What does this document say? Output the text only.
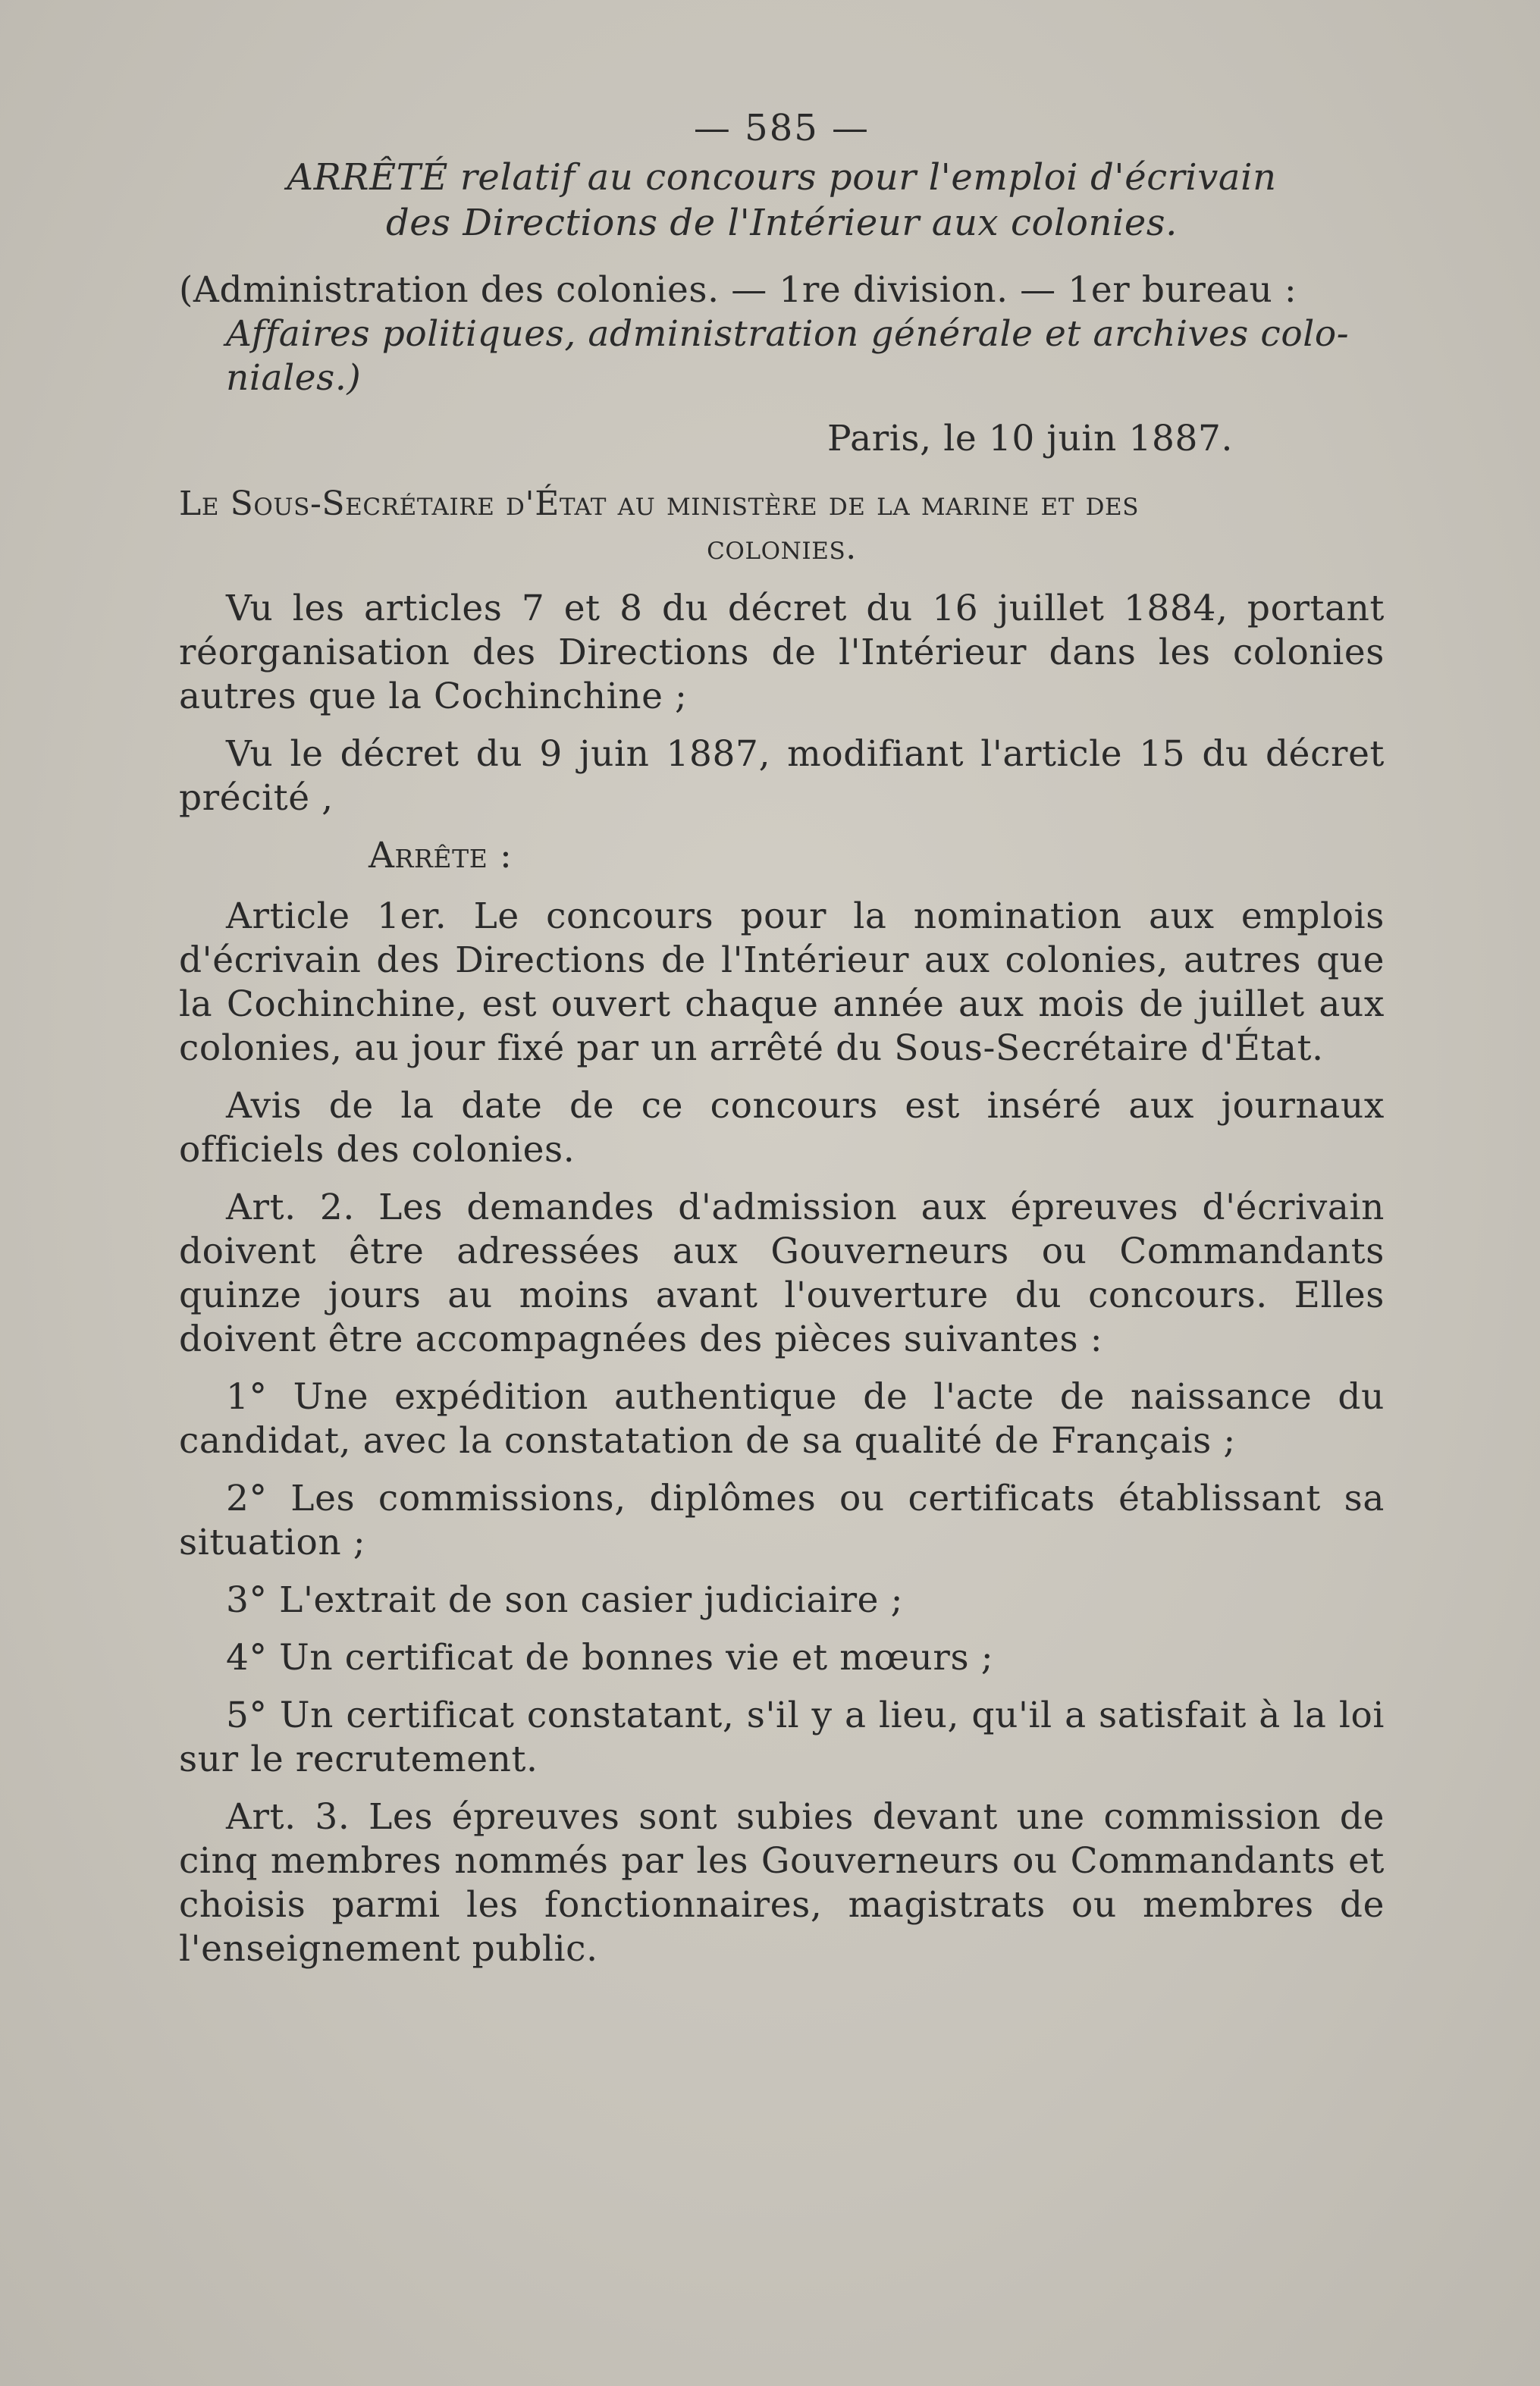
— 585 —
ARRÊTÉ relatif au concours pour l'emploi d'écrivain
des Directions de l'Intérieur aux colonies.
(Administration des colonies. — 1re division. — 1er bureau :
Affaires politiques, administration générale et archives colo-
niales.)
Paris, le 10 juin 1887.
Le Sous-Secrétaire d'État au ministère de la marine et des
colonies.
Vu les articles 7 et 8 du décret du 16 juillet 1884, portant réorganisation des Directions de l'Intérieur dans les colonies autres que la Cochinchine ;
Vu le décret du 9 juin 1887, modifiant l'article 15 du décret précité ,
Arrête :
Article 1er. Le concours pour la nomination aux emplois d'écrivain des Directions de l'Intérieur aux colonies, autres que la Cochinchine, est ouvert chaque année aux mois de juillet aux colonies, au jour fixé par un arrêté du Sous-Secrétaire d'État.
Avis de la date de ce concours est inséré aux journaux officiels des colonies.
Art. 2. Les demandes d'admission aux épreuves d'écrivain doivent être adressées aux Gouverneurs ou Commandants quinze jours au moins avant l'ouverture du concours. Elles doivent être accompagnées des pièces suivantes :
1° Une expédition authentique de l'acte de naissance du candidat, avec la constatation de sa qualité de Français ;
2° Les commissions, diplômes ou certificats établissant sa situation ;
3° L'extrait de son casier judiciaire ;
4° Un certificat de bonnes vie et mœurs ;
5° Un certificat constatant, s'il y a lieu, qu'il a satisfait à la loi sur le recrutement.
Art. 3. Les épreuves sont subies devant une commission de cinq membres nommés par les Gouverneurs ou Commandants et choisis parmi les fonctionnaires, magistrats ou membres de l'enseignement public.
